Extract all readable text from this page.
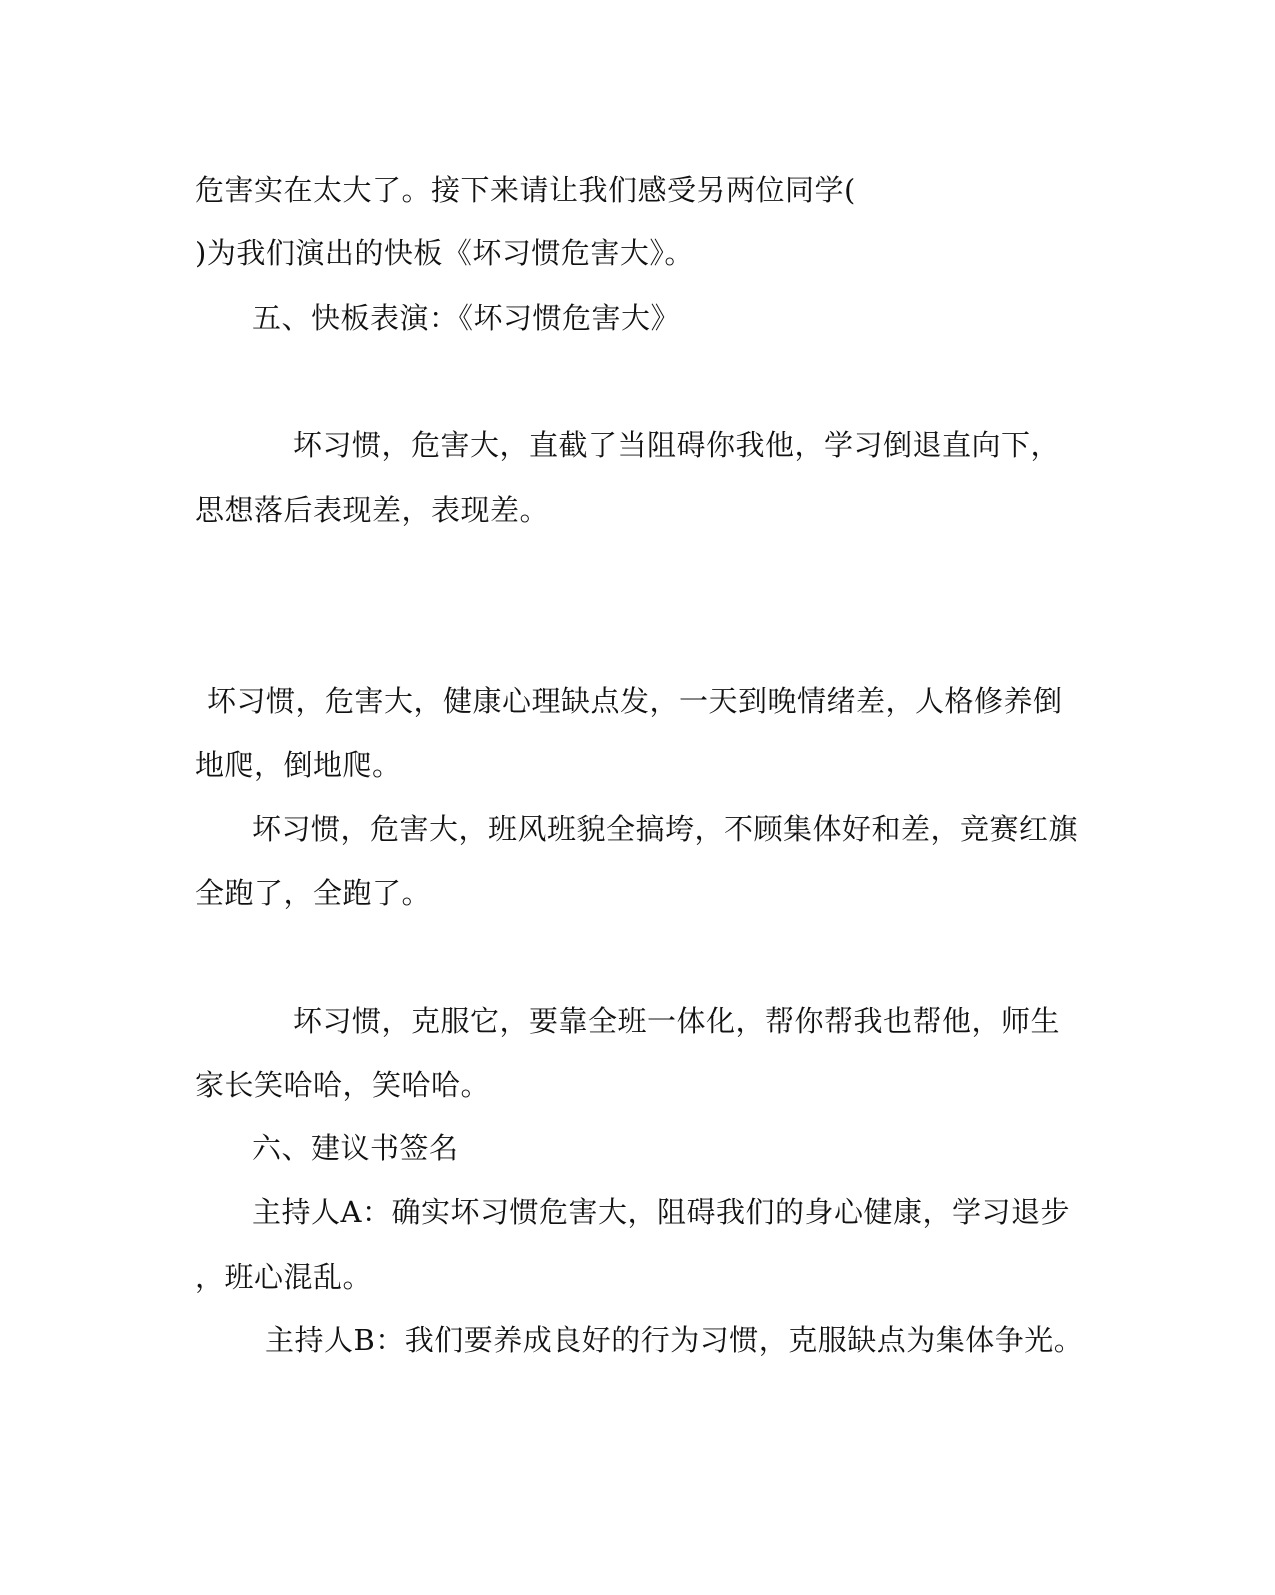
危害实在太大了。接下来请让我们感受另两位同学(
)为我们演出的快板《坏习惯危害大》。
五、快板表演：《坏习惯危害大》
坏习惯，危害大，直截了当阻碍你我他，学习倒退直向下，
思想落后表现差，表现差。
坏习惯，危害大，健康心理缺点发，一天到晚情绪差，人格修养倒
地爬，倒地爬。
坏习惯，危害大，班风班貌全搞垮，不顾集体好和差，竞赛红旗
全跑了，全跑了。
坏习惯，克服它，要靠全班一体化，帮你帮我也帮他，师生
家长笑哈哈，笑哈哈。
六、建议书签名
主持人A：确实坏习惯危害大，阻碍我们的身心健康，学习退步
，班心混乱。
主持人B：我们要养成良好的行为习惯，克服缺点为集体争光。
